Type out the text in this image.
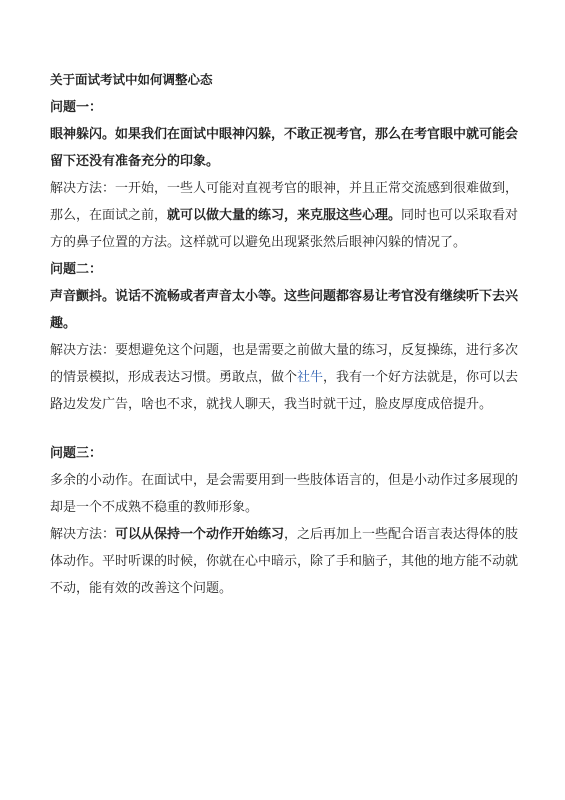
关于面试考试中如何调整心态

问题一：

眼神躲闪。如果我们在面试中眼神闪躲，不敢正视考官，那么在考官眼中就可能会

留下还没有准备充分的印象。

解决方法：一开始，一些人可能对直视考官的眼神，并且正常交流感到很难做到，

那么，在面试之前，就可以做大量的练习，来克服这些心理。同时也可以采取看对

方的鼻子位置的方法。这样就可以避免出现紧张然后眼神闪躲的情况了。

问题二：

声音颤抖。说话不流畅或者声音太小等。这些问题都容易让考官没有继续听下去兴

趣。

解决方法：要想避免这个问题，也是需要之前做大量的练习，反复操练，进行多次

的情景模拟，形成表达习惯。勇敢点，做个社牛，我有一个好方法就是，你可以去

路边发发广告，啥也不求，就找人聊天，我当时就干过，脸皮厚度成倍提升。

问题三：

多余的小动作。在面试中，是会需要用到一些肢体语言的，但是小动作过多展现的

却是一个不成熟不稳重的教师形象。

解决方法：可以从保持一个动作开始练习，之后再加上一些配合语言表达得体的肢

体动作。平时听课的时候，你就在心中暗示，除了手和脑子，其他的地方能不动就

不动，能有效的改善这个问题。
